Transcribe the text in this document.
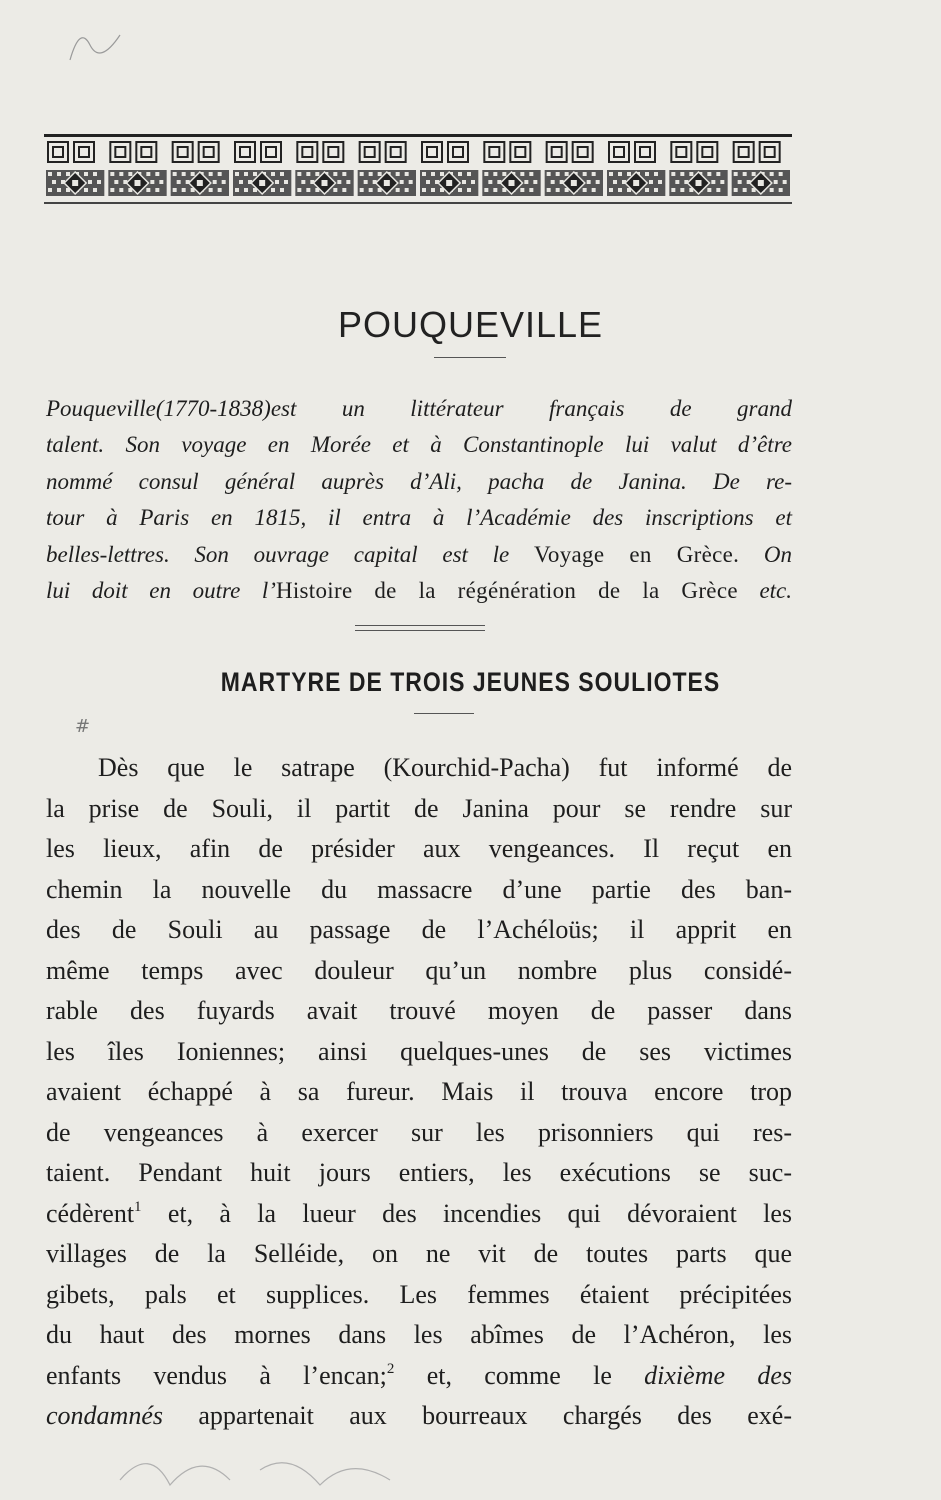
POUQUEVILLE
Pouqueville(1770-1838)est un littérateur français de grand
talent. Son voyage en Morée et à Constantinople lui valut d’être
nommé consul général auprès d’Ali, pacha de Janina. De re-
tour à Paris en 1815, il entra à l’Académie des inscriptions et
belles-lettres. Son ouvrage capital est le Voyage en Grèce. On
lui doit en outre l’Histoire de la régénération de la Grèce etc.
MARTYRE DE TROIS JEUNES SOULIOTES
#
Dès que le satrape (Kourchid-Pacha) fut informé de
la prise de Souli, il partit de Janina pour se rendre sur
les lieux, afin de présider aux vengeances. Il reçut en
chemin la nouvelle du massacre d’une partie des ban-
des de Souli au passage de l’Achéloüs; il apprit en
même temps avec douleur qu’un nombre plus considé-
rable des fuyards avait trouvé moyen de passer dans
les îles Ioniennes; ainsi quelques-unes de ses victimes
avaient échappé à sa fureur. Mais il trouva encore trop
de vengeances à exercer sur les prisonniers qui res-
taient. Pendant huit jours entiers, les exécutions se suc-
cédèrent$^1$ et, à la lueur des incendies qui dévoraient les
villages de la Selléide, on ne vit de toutes parts que
gibets, pals et supplices. Les femmes étaient précipitées
du haut des mornes dans les abîmes de l’Achéron, les
enfants vendus à l’encan;$^2$ et, comme le dixième des
condamnés appartenait aux bourreaux chargés des exé-
